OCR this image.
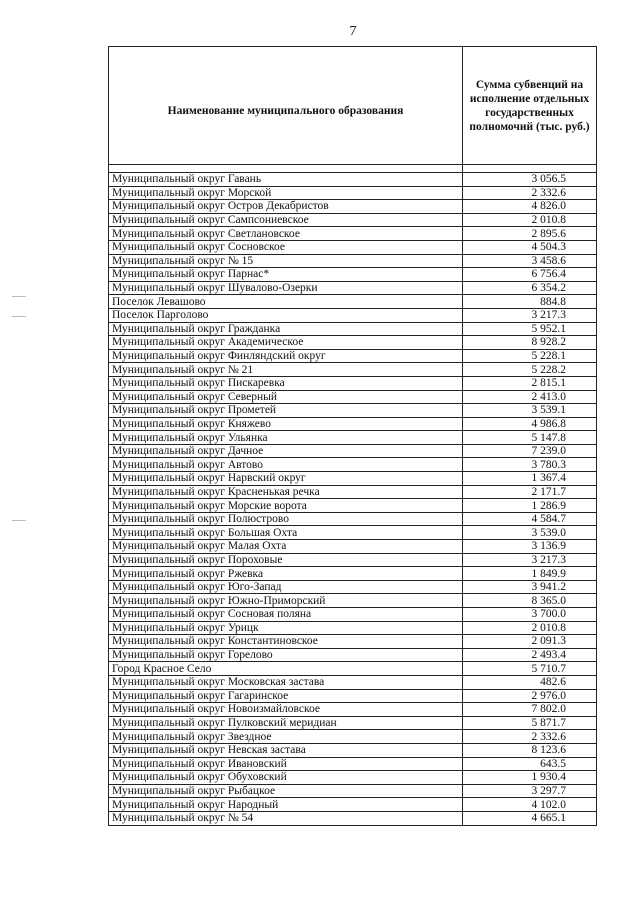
7
Наименование муниципального образования	Сумма субвенций на исполнение отдельных государственных полномочий (тыс. руб.)

Муниципальный округ Гавань	3 056.5
Муниципальный округ Морской	2 332.6
Муниципальный округ Остров Декабристов	4 826.0
Муниципальный округ Сампсониевское	2 010.8
Муниципальный округ Светлановское	2 895.6
Муниципальный округ Сосновское	4 504.3
Муниципальный округ № 15	3 458.6
Муниципальный округ Парнас*	6 756.4
Муниципальный округ Шувалово-Озерки	6 354.2
Поселок Левашово	884.8
Поселок Парголово	3 217.3
Муниципальный округ Гражданка	5 952.1
Муниципальный округ Академическое	8 928.2
Муниципальный округ Финляндский округ	5 228.1
Муниципальный округ № 21	5 228.2
Муниципальный округ Пискаревка	2 815.1
Муниципальный округ Северный	2 413.0
Муниципальный округ Прометей	3 539.1
Муниципальный округ Княжево	4 986.8
Муниципальный округ Ульянка	5 147.8
Муниципальный округ Дачное	7 239.0
Муниципальный округ Автово	3 780.3
Муниципальный округ Нарвский округ	1 367.4
Муниципальный округ Красненькая речка	2 171.7
Муниципальный округ Морские ворота	1 286.9
Муниципальный округ Полюстрово	4 584.7
Муниципальный округ Большая Охта	3 539.0
Муниципальный округ Малая Охта	3 136.9
Муниципальный округ Пороховые	3 217.3
Муниципальный округ Ржевка	1 849.9
Муниципальный округ Юго-Запад	3 941.2
Муниципальный округ Южно-Приморский	8 365.0
Муниципальный округ Сосновая поляна	3 700.0
Муниципальный округ Урицк	2 010.8
Муниципальный округ Константиновское	2 091.3
Муниципальный округ Горелово	2 493.4
Город Красное Село	5 710.7
Муниципальный округ Московская застава	482.6
Муниципальный округ Гагаринское	2 976.0
Муниципальный округ Новоизмайловское	7 802.0
Муниципальный округ Пулковский меридиан	5 871.7
Муниципальный округ Звездное	2 332.6
Муниципальный округ Невская застава	8 123.6
Муниципальный округ Ивановский	643.5
Муниципальный округ Обуховский	1 930.4
Муниципальный округ Рыбацкое	3 297.7
Муниципальный округ Народный	4 102.0
Муниципальный округ № 54	4 665.1
